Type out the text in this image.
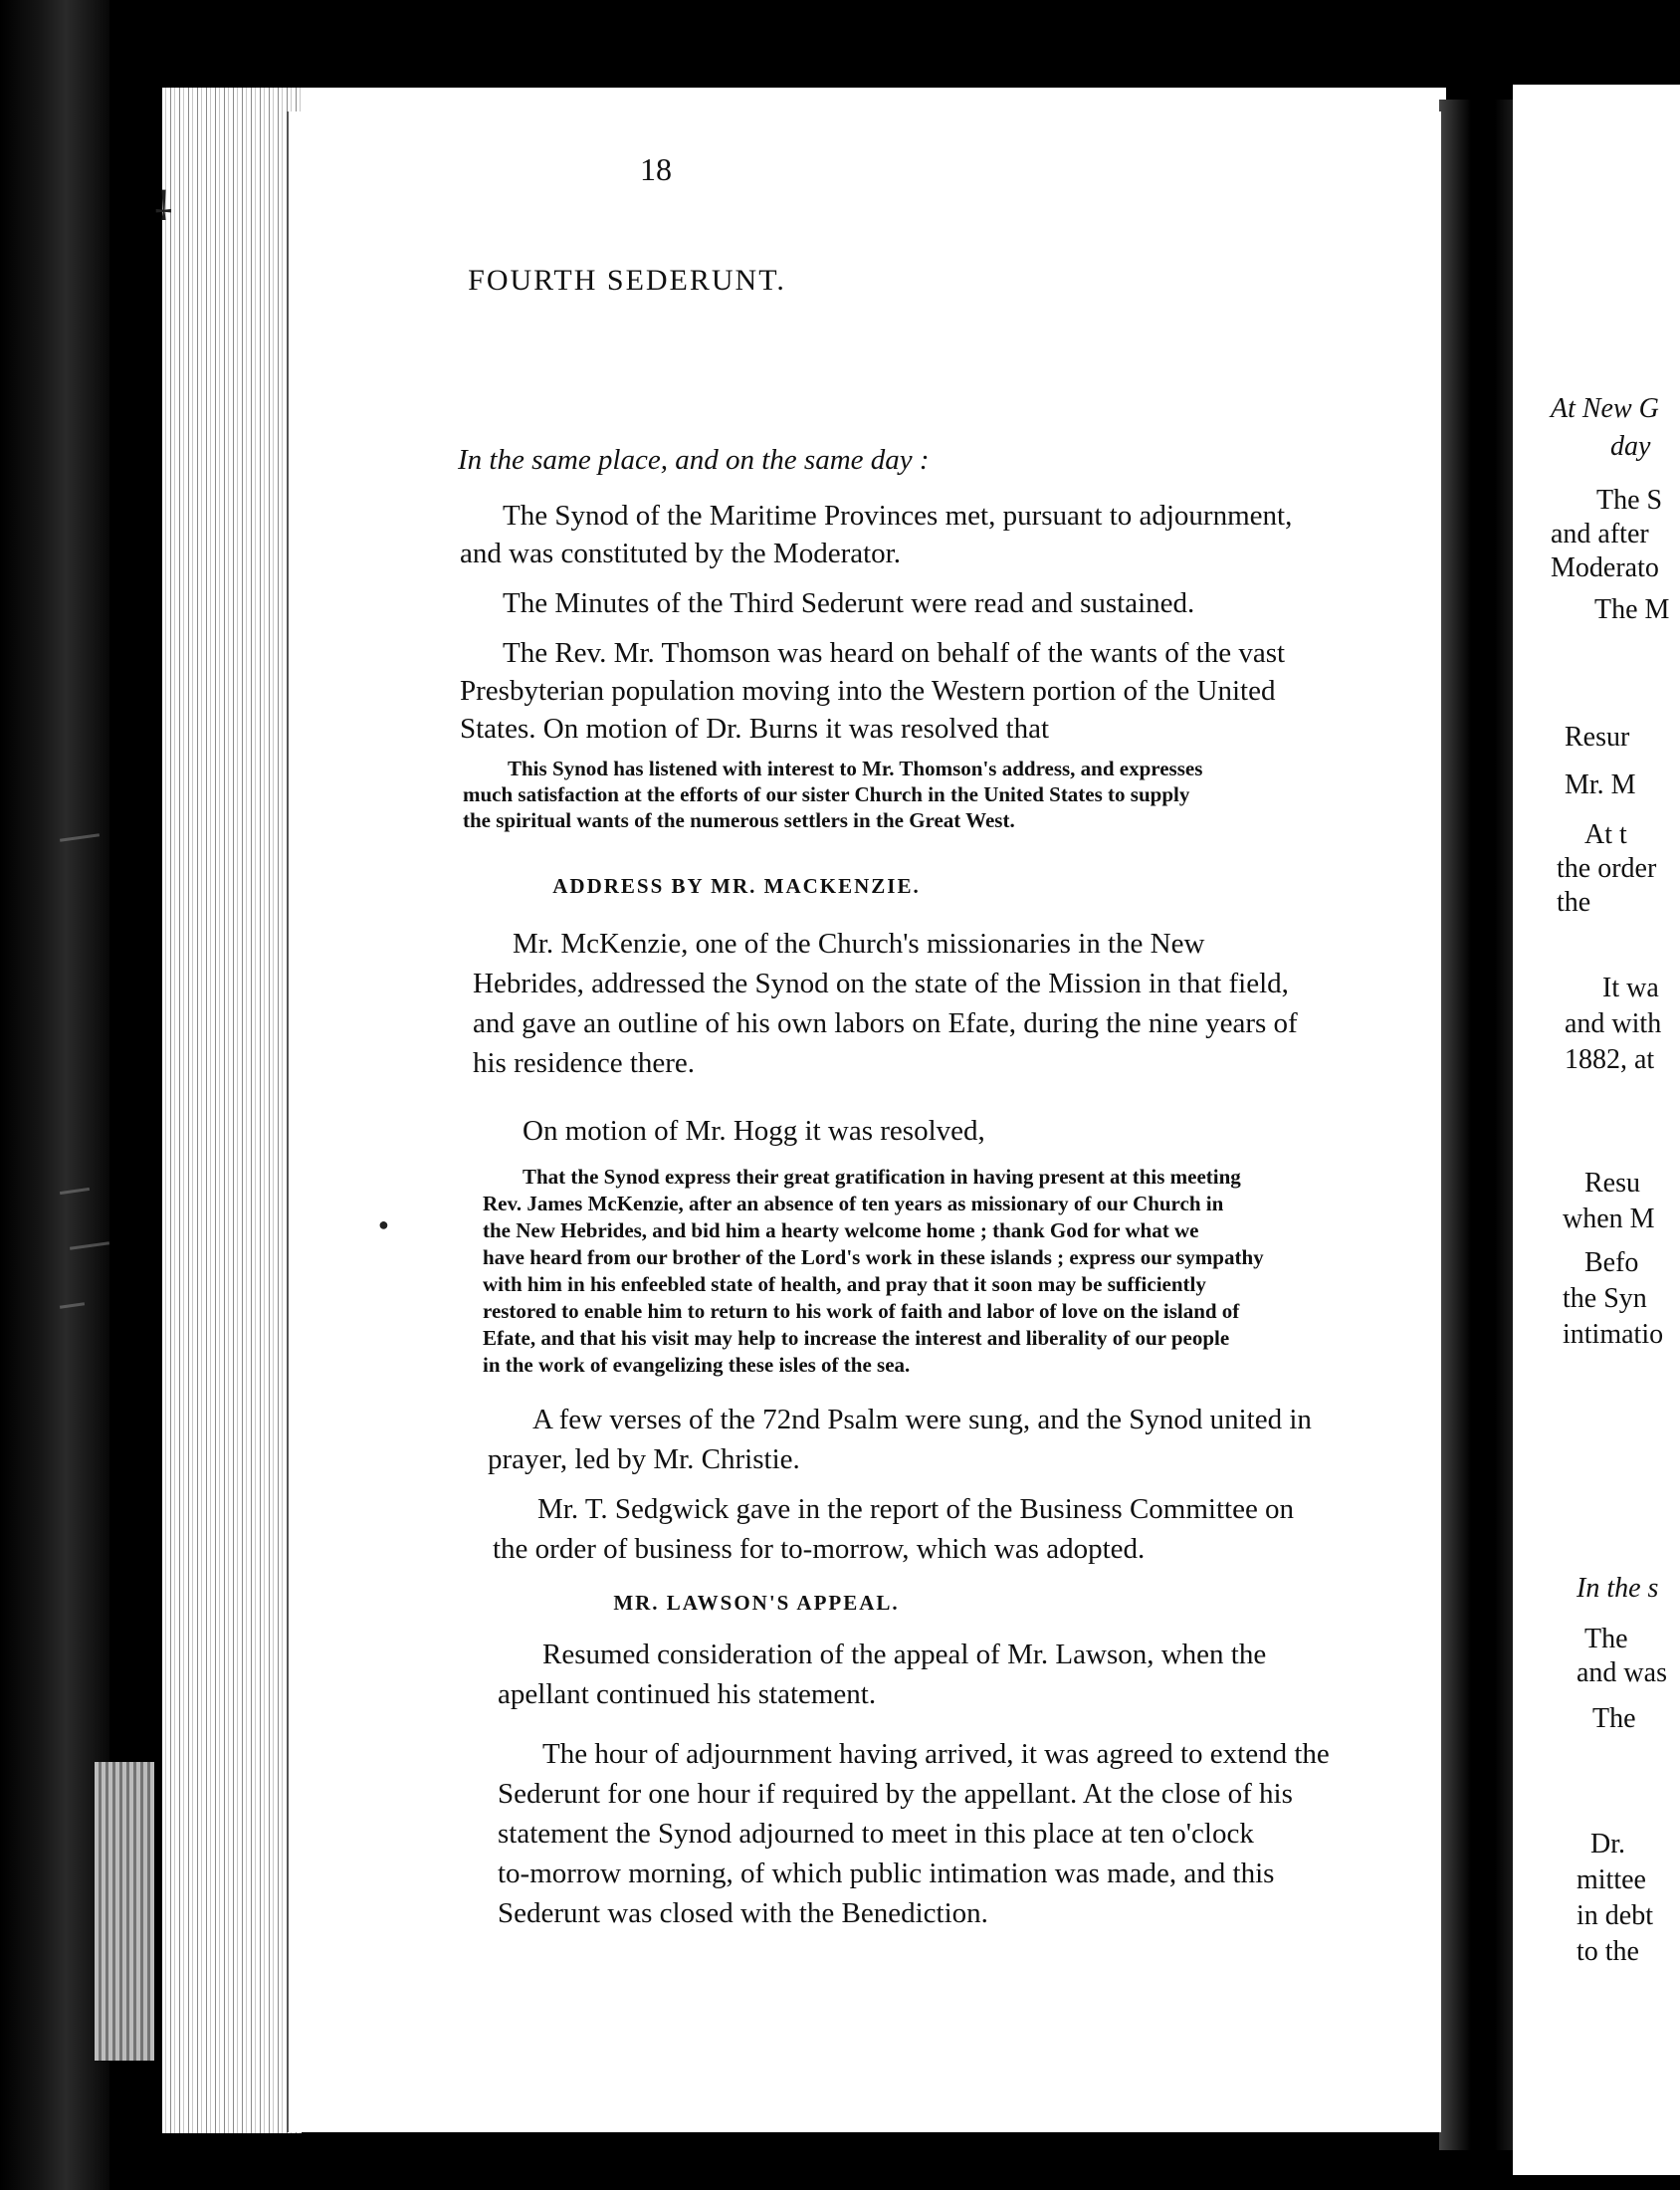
⸸
●
18
FOURTH SEDERUNT.
In the same place, and on the same day :
The Synod of the Maritime Provinces met, pursuant to adjournment,
and was constituted by the Moderator.
The Minutes of the Third Sederunt were read and sustained.
The Rev. Mr. Thomson was heard on behalf of the wants of the vast
Presbyterian population moving into the Western portion of the United
States. On motion of Dr. Burns it was resolved that
This Synod has listened with interest to Mr. Thomson's address, and expresses
much satisfaction at the efforts of our sister Church in the United States to supply
the spiritual wants of the numerous settlers in the Great West.
ADDRESS BY MR. MACKENZIE.
Mr. McKenzie, one of the Church's missionaries in the New
Hebrides, addressed the Synod on the state of the Mission in that field,
and gave an outline of his own labors on Efate, during the nine years of
his residence there.
On motion of Mr. Hogg it was resolved,
That the Synod express their great gratification in having present at this meeting
Rev. James McKenzie, after an absence of ten years as missionary of our Church in
the New Hebrides, and bid him a hearty welcome home ; thank God for what we
have heard from our brother of the Lord's work in these islands ; express our sympathy
with him in his enfeebled state of health, and pray that it soon may be sufficiently
restored to enable him to return to his work of faith and labor of love on the island of
Efate, and that his visit may help to increase the interest and liberality of our people
in the work of evangelizing these isles of the sea.
A few verses of the 72nd Psalm were sung, and the Synod united in
prayer, led by Mr. Christie.
Mr. T. Sedgwick gave in the report of the Business Committee on
the order of business for to-morrow, which was adopted.
MR. LAWSON'S APPEAL.
Resumed consideration of the appeal of Mr. Lawson, when the
apellant continued his statement.
The hour of adjournment having arrived, it was agreed to extend the
Sederunt for one hour if required by the appellant. At the close of his
statement the Synod adjourned to meet in this place at ten o'clock
to-morrow morning, of which public intimation was made, and this
Sederunt was closed with the Benediction.
At New G
day
The S
and after
Moderato
The M
Resur
Mr. M
At t
the order
the
It wa
and with
1882, at
Resu
when M
Befo
the Syn
intimatio
In the s
The
and was
The
Dr.
mittee
in debt
to the
